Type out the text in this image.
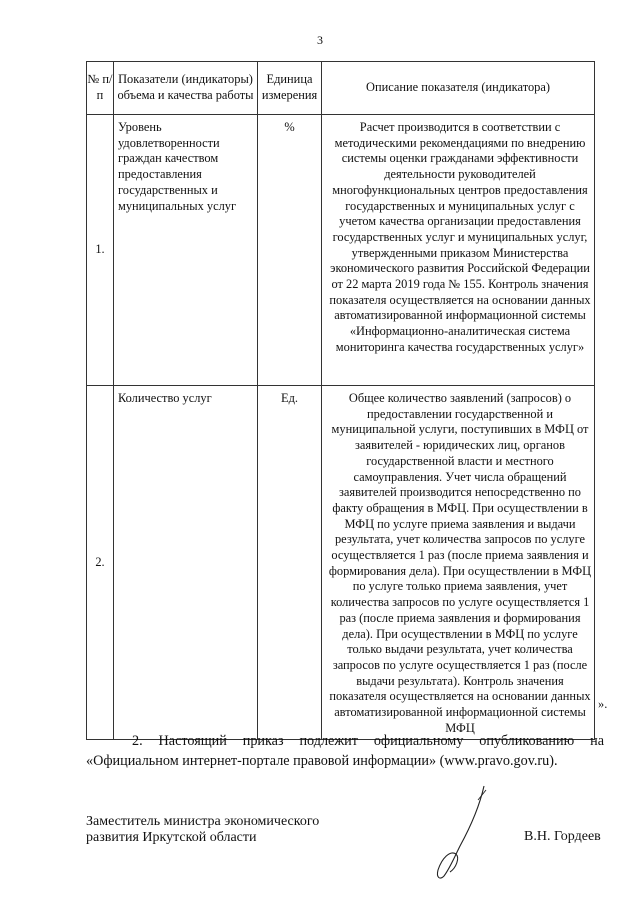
3
№ п/п	Показатели (индикаторы) объема и качества работы	Единица измерения	Описание показателя (индикатора)
1.	Уровень удовлетворенности граждан качеством предоставления государственных и муниципальных услуг	%	Расчет производится в соответствии с методическими рекомендациями по внедрению системы оценки гражданами эффективности деятельности руководителей многофункциональных центров предоставления государственных и муниципальных услуг с учетом качества организации предоставления государственных услуг и муниципальных услуг, утвержденными приказом Министерства экономического развития Российской Федерации от 22 марта 2019 года № 155. Контроль значения показателя осуществляется на основании данных автоматизированной информационной системы «Информационно-аналитическая система мониторинга качества государственных услуг»
2.	Количество услуг	Ед.	Общее количество заявлений (запросов) о предоставлении государственной и муниципальной услуги, поступивших в МФЦ от заявителей - юридических лиц, органов государственной власти и местного самоуправления. Учет числа обращений заявителей производится непосредственно по факту обращения в МФЦ. При осуществлении в МФЦ по услуге приема заявления и выдачи результата, учет количества запросов по услуге осуществляется 1 раз (после приема заявления и формирования дела). При осуществлении в МФЦ по услуге только приема заявления, учет количества запросов по услуге осуществляется 1 раз (после приема заявления и формирования дела). При осуществлении в МФЦ по услуге только выдачи результата, учет количества запросов по услуге осуществляется 1 раз (после выдачи результата). Контроль значения показателя осуществляется на основании данных автоматизированной информационной системы МФЦ
».
2. Настоящий приказ подлежит официальному опубликованию на «Официальном интернет-портале правовой информации» (www.pravo.gov.ru).
Заместитель министра экономического
развития Иркутской области	В.Н. Гордеев
